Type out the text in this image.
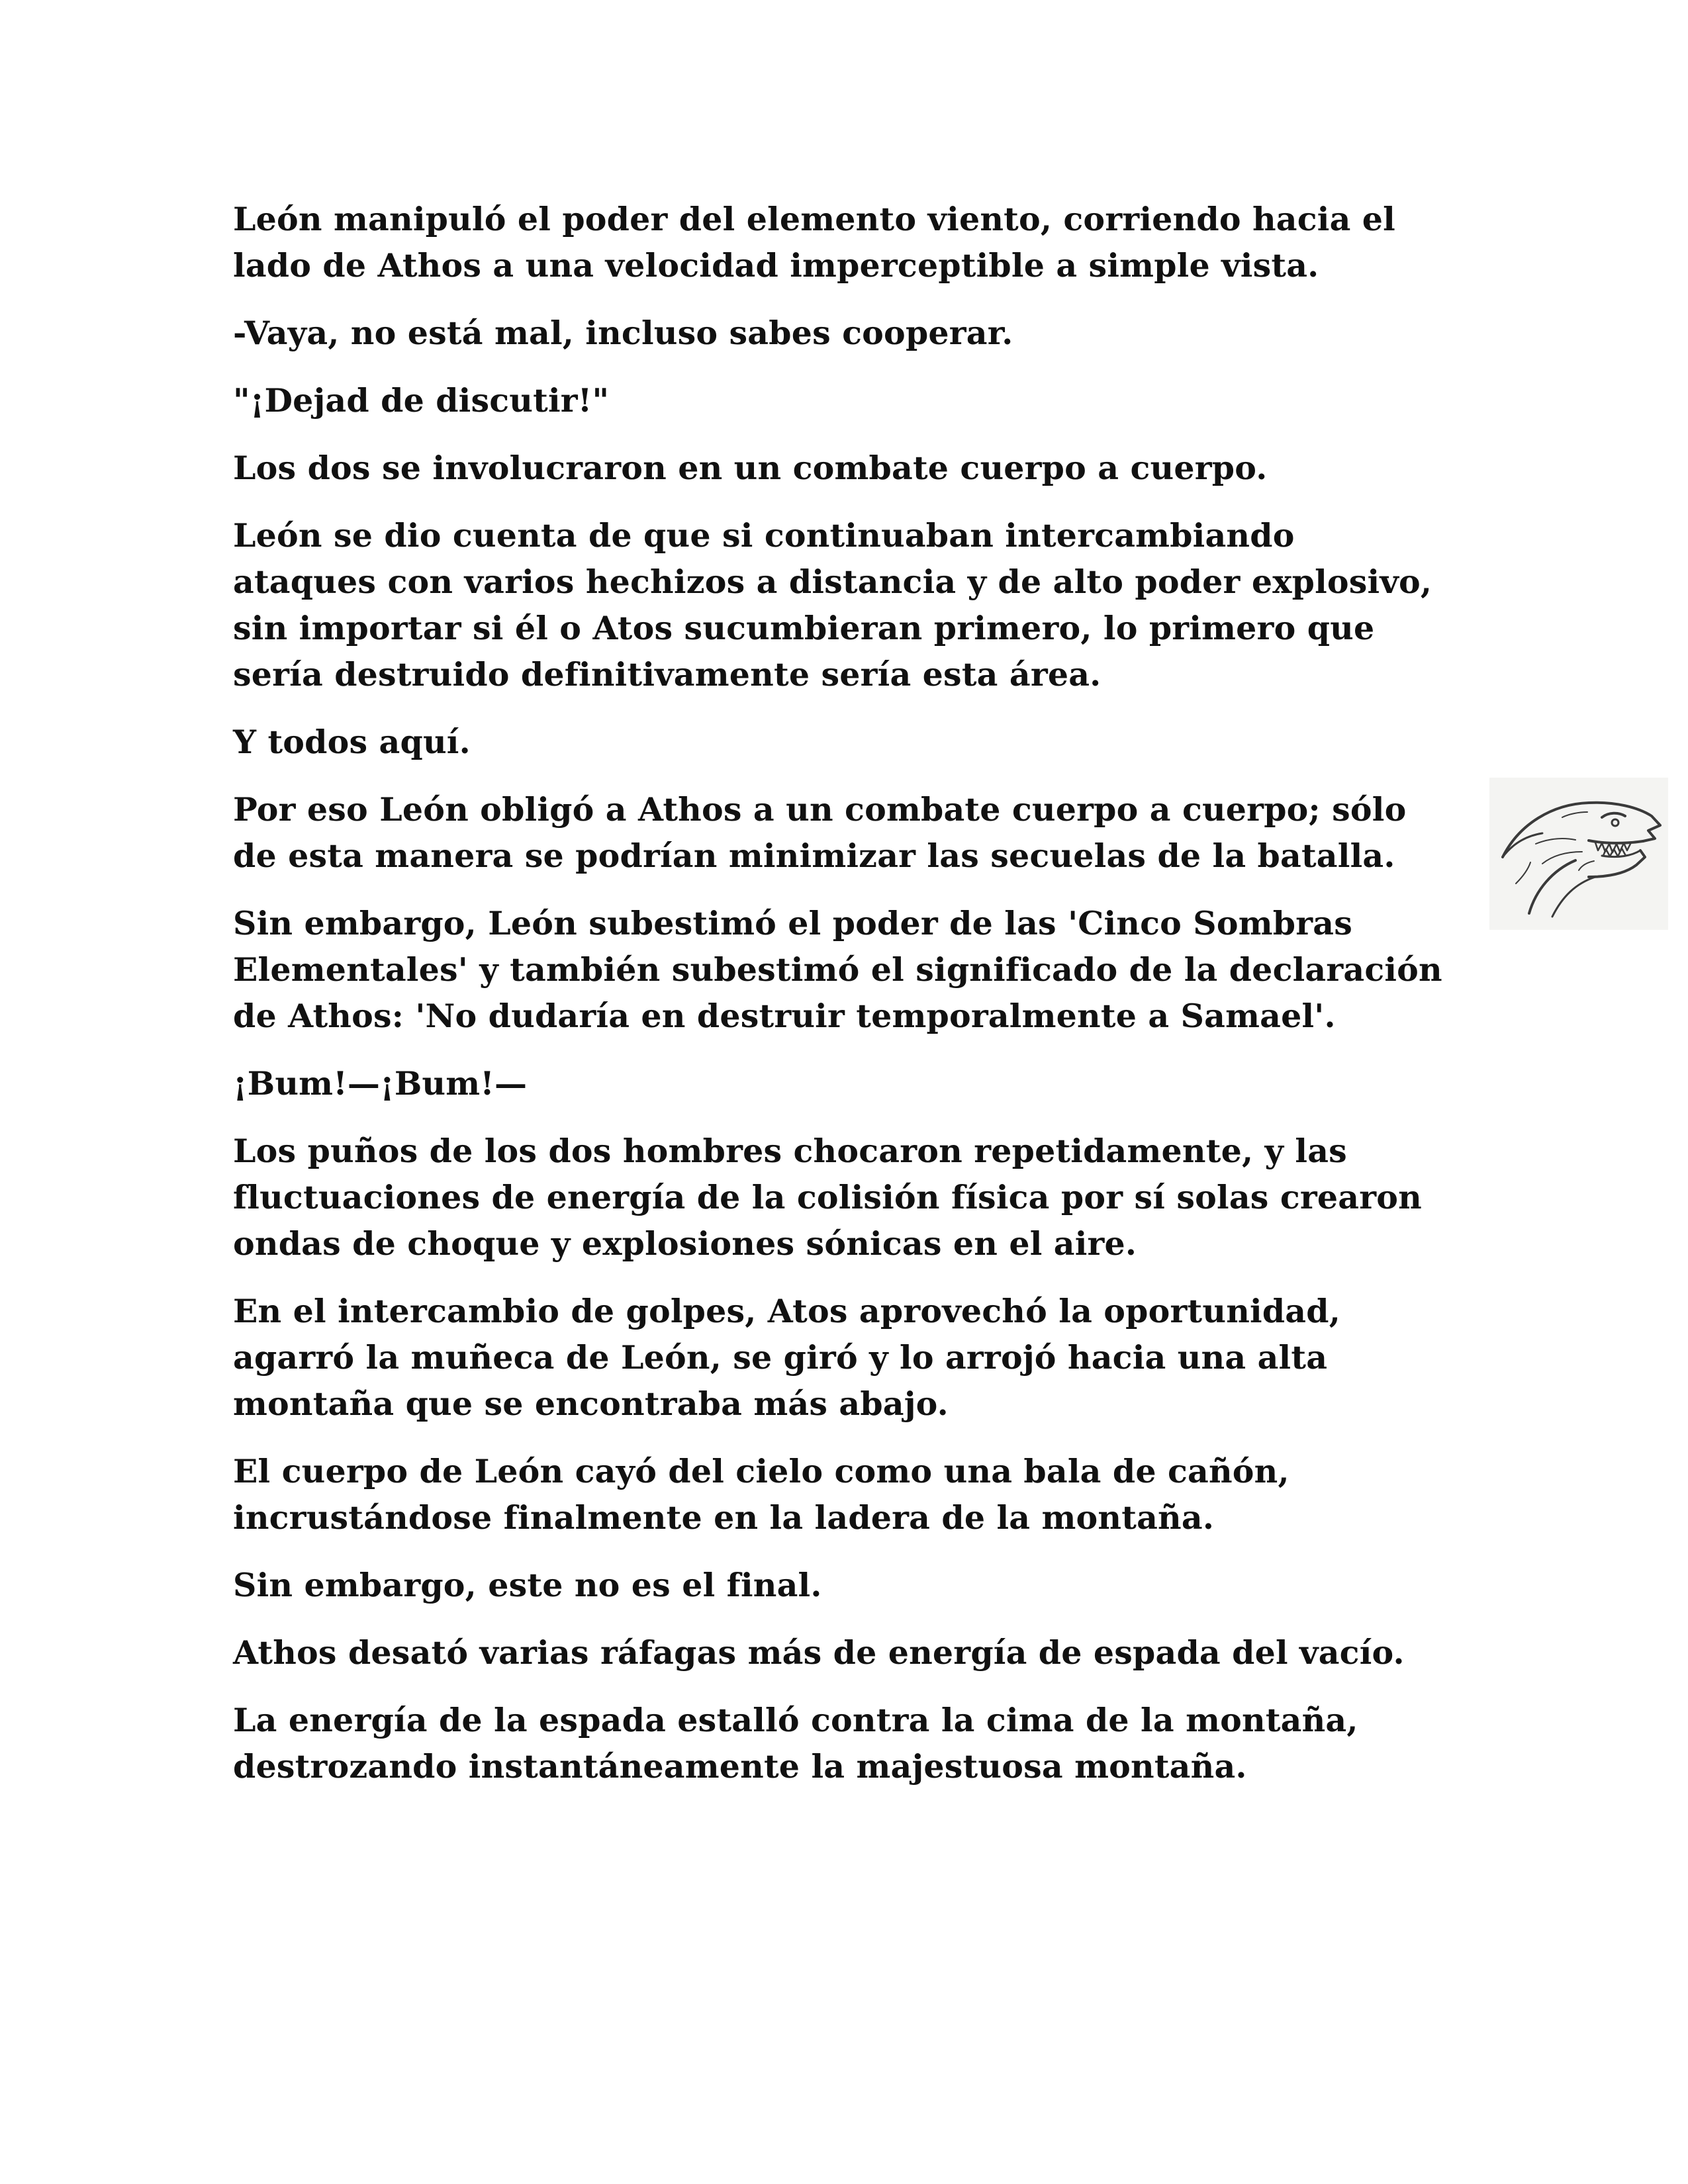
León manipuló el poder del elemento viento, corriendo hacia el lado de Athos a una velocidad imperceptible a simple vista.

-Vaya, no está mal, incluso sabes cooperar.

"¡Dejad de discutir!"

Los dos se involucraron en un combate cuerpo a cuerpo.

León se dio cuenta de que si continuaban intercambiando ataques con varios hechizos a distancia y de alto poder explosivo, sin importar si él o Atos sucumbieran primero, lo primero que sería destruido definitivamente sería esta área.

Y todos aquí.

Por eso León obligó a Athos a un combate cuerpo a cuerpo; sólo de esta manera se podrían minimizar las secuelas de la batalla.

Sin embargo, León subestimó el poder de las 'Cinco Sombras Elementales' y también subestimó el significado de la declaración de Athos: 'No dudaría en destruir temporalmente a Samael'.

¡Bum!—¡Bum!—

Los puños de los dos hombres chocaron repetidamente, y las fluctuaciones de energía de la colisión física por sí solas crearon ondas de choque y explosiones sónicas en el aire.

En el intercambio de golpes, Atos aprovechó la oportunidad, agarró la muñeca de León, se giró y lo arrojó hacia una alta montaña que se encontraba más abajo.

El cuerpo de León cayó del cielo como una bala de cañón, incrustándose finalmente en la ladera de la montaña.

Sin embargo, este no es el final.

Athos desató varias ráfagas más de energía de espada del vacío.

La energía de la espada estalló contra la cima de la montaña, destrozando instantáneamente la majestuosa montaña.
